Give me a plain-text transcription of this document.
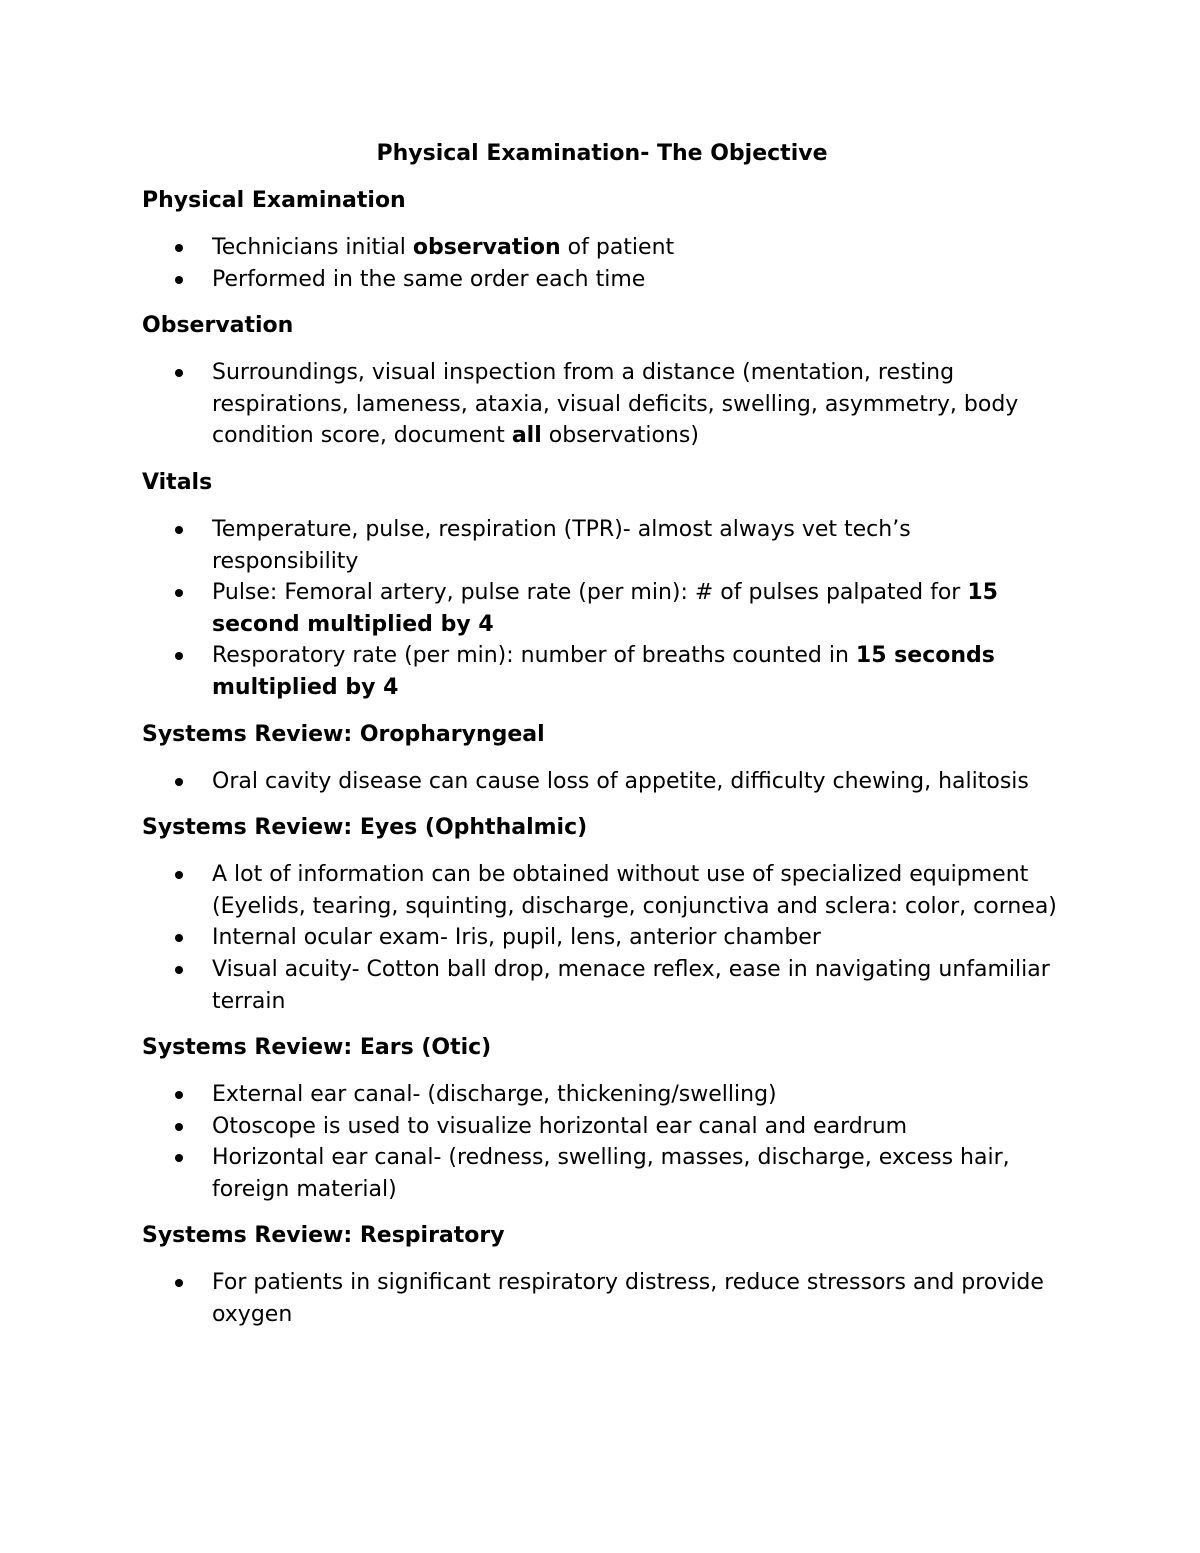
Physical Examination- The Objective
Physical Examination
Technicians initial observation of patient
Performed in the same order each time
Observation
Surroundings, visual inspection from a distance (mentation, resting respirations, lameness, ataxia, visual deficits, swelling, asymmetry, body condition score, document all observations)
Vitals
Temperature, pulse, respiration (TPR)- almost always vet tech’s responsibility
Pulse: Femoral artery, pulse rate (per min): # of pulses palpated for 15 second multiplied by 4
Resporatory rate (per min): number of breaths counted in 15 seconds multiplied by 4
Systems Review: Oropharyngeal
Oral cavity disease can cause loss of appetite, difficulty chewing, halitosis
Systems Review: Eyes (Ophthalmic)
A lot of information can be obtained without use of specialized equipment (Eyelids, tearing, squinting, discharge, conjunctiva and sclera: color, cornea)
Internal ocular exam- Iris, pupil, lens, anterior chamber
Visual acuity- Cotton ball drop, menace reflex, ease in navigating unfamiliar terrain
Systems Review: Ears (Otic)
External ear canal- (discharge, thickening/swelling)
Otoscope is used to visualize horizontal ear canal and eardrum
Horizontal ear canal- (redness, swelling, masses, discharge, excess hair, foreign material)
Systems Review: Respiratory
For patients in significant respiratory distress, reduce stressors and provide oxygen
